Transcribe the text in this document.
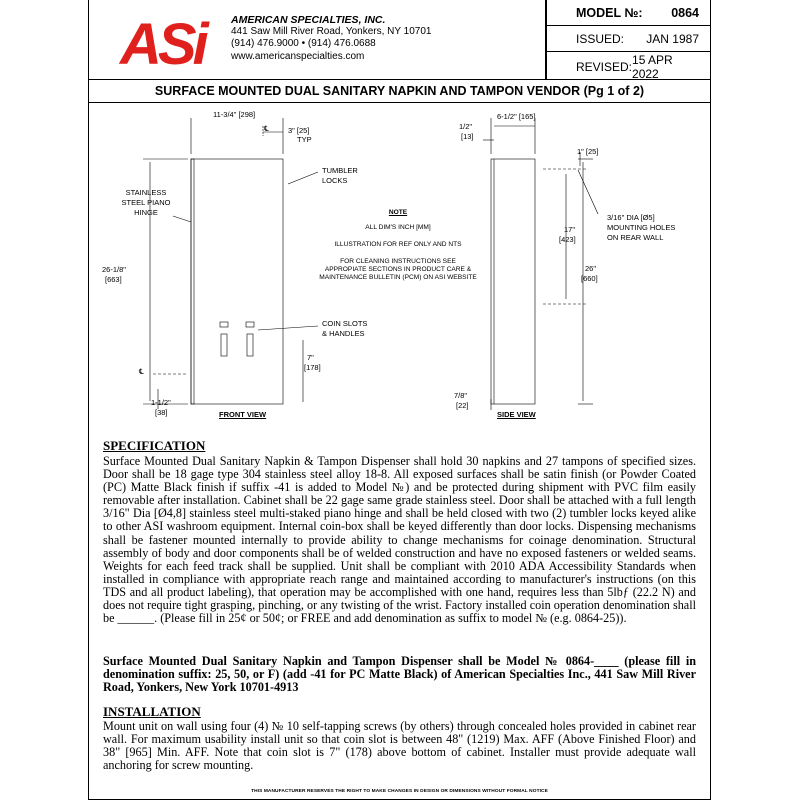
ASi	AMERICAN SPECIALTIES, INC.
441 Saw Mill River Road, Yonkers, NY 10701
(914) 476.9000 • (914) 476.0688
www.americanspecialties.com
MODEL №: 0864
ISSUED: JAN 1987
REVISED: 15 APR 2022
SURFACE MOUNTED DUAL SANITARY NAPKIN AND TAMPON VENDOR (Pg 1 of 2)
11-3/4" [298]
℄	3" [25]
TYP
STAINLESS
STEEL PIANO
HINGE
26-1/8"
[663]
TUMBLER
LOCKS
COIN SLOTS
& HANDLES
7"
[178]
℄
1-1/2"
[38]	FRONT VIEW
NOTE
ALL DIM'S INCH [MM]
ILLUSTRATION FOR REF ONLY AND NTS
FOR CLEANING INSTRUCTIONS SEE
APPROPIATE SECTIONS IN PRODUCT CARE &
MAINTENANCE BULLETIN (PCM) ON ASI WEBSITE
1/2"
[13]
6-1/2" [165]
1" [25]
3/16" DIA [Ø5]
MOUNTING HOLES
ON REAR WALL
17"
[423]
26"
[660]
7/8"
[22]
SIDE VIEW
SPECIFICATION
Surface Mounted Dual Sanitary Napkin & Tampon Dispenser shall hold 30 napkins and 27 tampons of specified sizes. Door shall be 18 gage type 304 stainless steel alloy 18-8. All exposed surfaces shall be satin finish (or Powder Coated (PC) Matte Black finish if suffix -41 is added to Model №) and be protected during shipment with PVC film easily removable after installation. Cabinet shall be 22 gage same grade stainless steel. Door shall be attached with a full length 3/16" Dia [Ø4,8] stainless steel multi-staked piano hinge and shall be held closed with two (2) tumbler locks keyed alike to other ASI washroom equipment. Internal coin-box shall be keyed differently than door locks. Dispensing mechanisms shall be fastener mounted internally to provide ability to change mechanisms for coinage denomination. Structural assembly of body and door components shall be of welded construction and have no exposed fasteners or welded seams. Weights for each feed track shall be supplied. Unit shall be compliant with 2010 ADA Accessibility Standards when installed in compliance with appropriate reach range and maintained according to manufacturer's instructions (on this TDS and all product labeling), that operation may be accomplished with one hand, requires less than 5lbƒ (22.2 N) and does not require tight grasping, pinching, or any twisting of the wrist. Factory installed coin operation denomination shall be ______. (Please fill in 25¢ or 50¢; or FREE and add denomination as suffix to model № (e.g. 0864-25)).
Surface Mounted Dual Sanitary Napkin and Tampon Dispenser shall be Model № 0864-____ (please fill in denomination suffix: 25, 50, or F) (add -41 for PC Matte Black) of American Specialties Inc., 441 Saw Mill River Road, Yonkers, New York 10701-4913
INSTALLATION
Mount unit on wall using four (4) № 10 self-tapping screws (by others) through concealed holes provided in cabinet rear wall. For maximum usability install unit so that coin slot is between 48" (1219) Max. AFF (Above Finished Floor) and 38" [965] Min. AFF. Note that coin slot is 7" (178) above bottom of cabinet. Installer must provide adequate wall anchoring for screw mounting.
THIS MANUFACTURER RESERVES THE RIGHT TO MAKE CHANGES IN DESIGN OR DIMENSIONS WITHOUT FORMAL NOTICE
